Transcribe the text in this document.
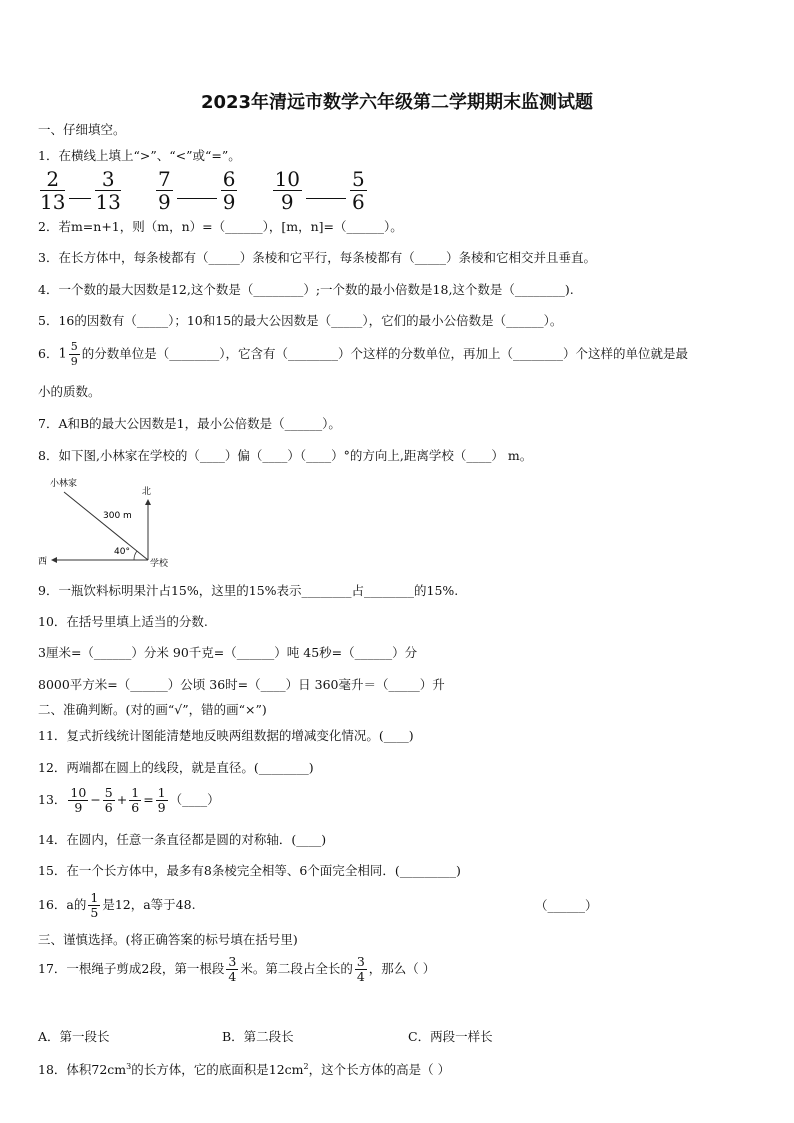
2023年清远市数学六年级第二学期期末监测试题
一、仔细填空。
1．在横线上填上“>”、“<”或“=”。
$\frac{2}{13} \frac{3}{13}$
$\frac{7}{9} \frac{6}{9}$
$\frac{10}{9} \frac{5}{6}$
2．若m=n+1，则（m，n）=（______），[m，n]=（______）。
3．在长方体中，每条棱都有（_____）条棱和它平行，每条棱都有（_____）条棱和它相交并且垂直。
4．一个数的最大因数是12,这个数是（________）;一个数的最小倍数是18,这个数是（________).
5．16的因数有（_____）；10和15的最大公因数是（_____），它们的最小公倍数是（______）。
6．$1 \frac{5}{9}$ 的分数单位是（________），它含有（________）个这样的分数单位，再加上（________）个这样的单位就是最
小的质数。
7．A和B的最大公因数是1，最小公倍数是（______）。
8．如下图,小林家在学校的（____）偏（____）（____）°的方向上,距离学校（____） m。
小林家
北
西	学校
300 m
40°
9．一瓶饮料标明果汁占15%，这里的15%表示________占________的15%.
10．在括号里填上适当的分数.
3厘米=（______）分米 90千克=（______）吨 45秒=（______）分
8000平方米=（______）公顷 36时=（____）日 360毫升＝（_____）升
二、准确判断。(对的画“√”，错的画“×”)
11．复式折线统计图能清楚地反映两组数据的增减变化情况。(____)
12．两端都在圆上的线段，就是直径。(________)
13． $\frac{10}{9} - \frac{5}{6} + \frac{1}{6} = \frac{1}{9}$ （____）
14．在圆内，任意一条直径都是圆的对称轴．(____)
15．在一个长方体中，最多有8条棱完全相等、6个面完全相同．(_________)
16．a的 $\frac{1}{5}$ 是12，a等于48.	（______）
三、谨慎选择。(将正确答案的标号填在括号里)
17．一根绳子剪成2段，第一根段 $\frac{3}{4}$ 米。第二段占全长的 $\frac{3}{4}$ ，那么（ ）
A．第一段长	B．第二段长	C．两段一样长
18．体积$72cm^3$的长方体，它的底面积是$12cm^2$，这个长方体的高是（ ）
